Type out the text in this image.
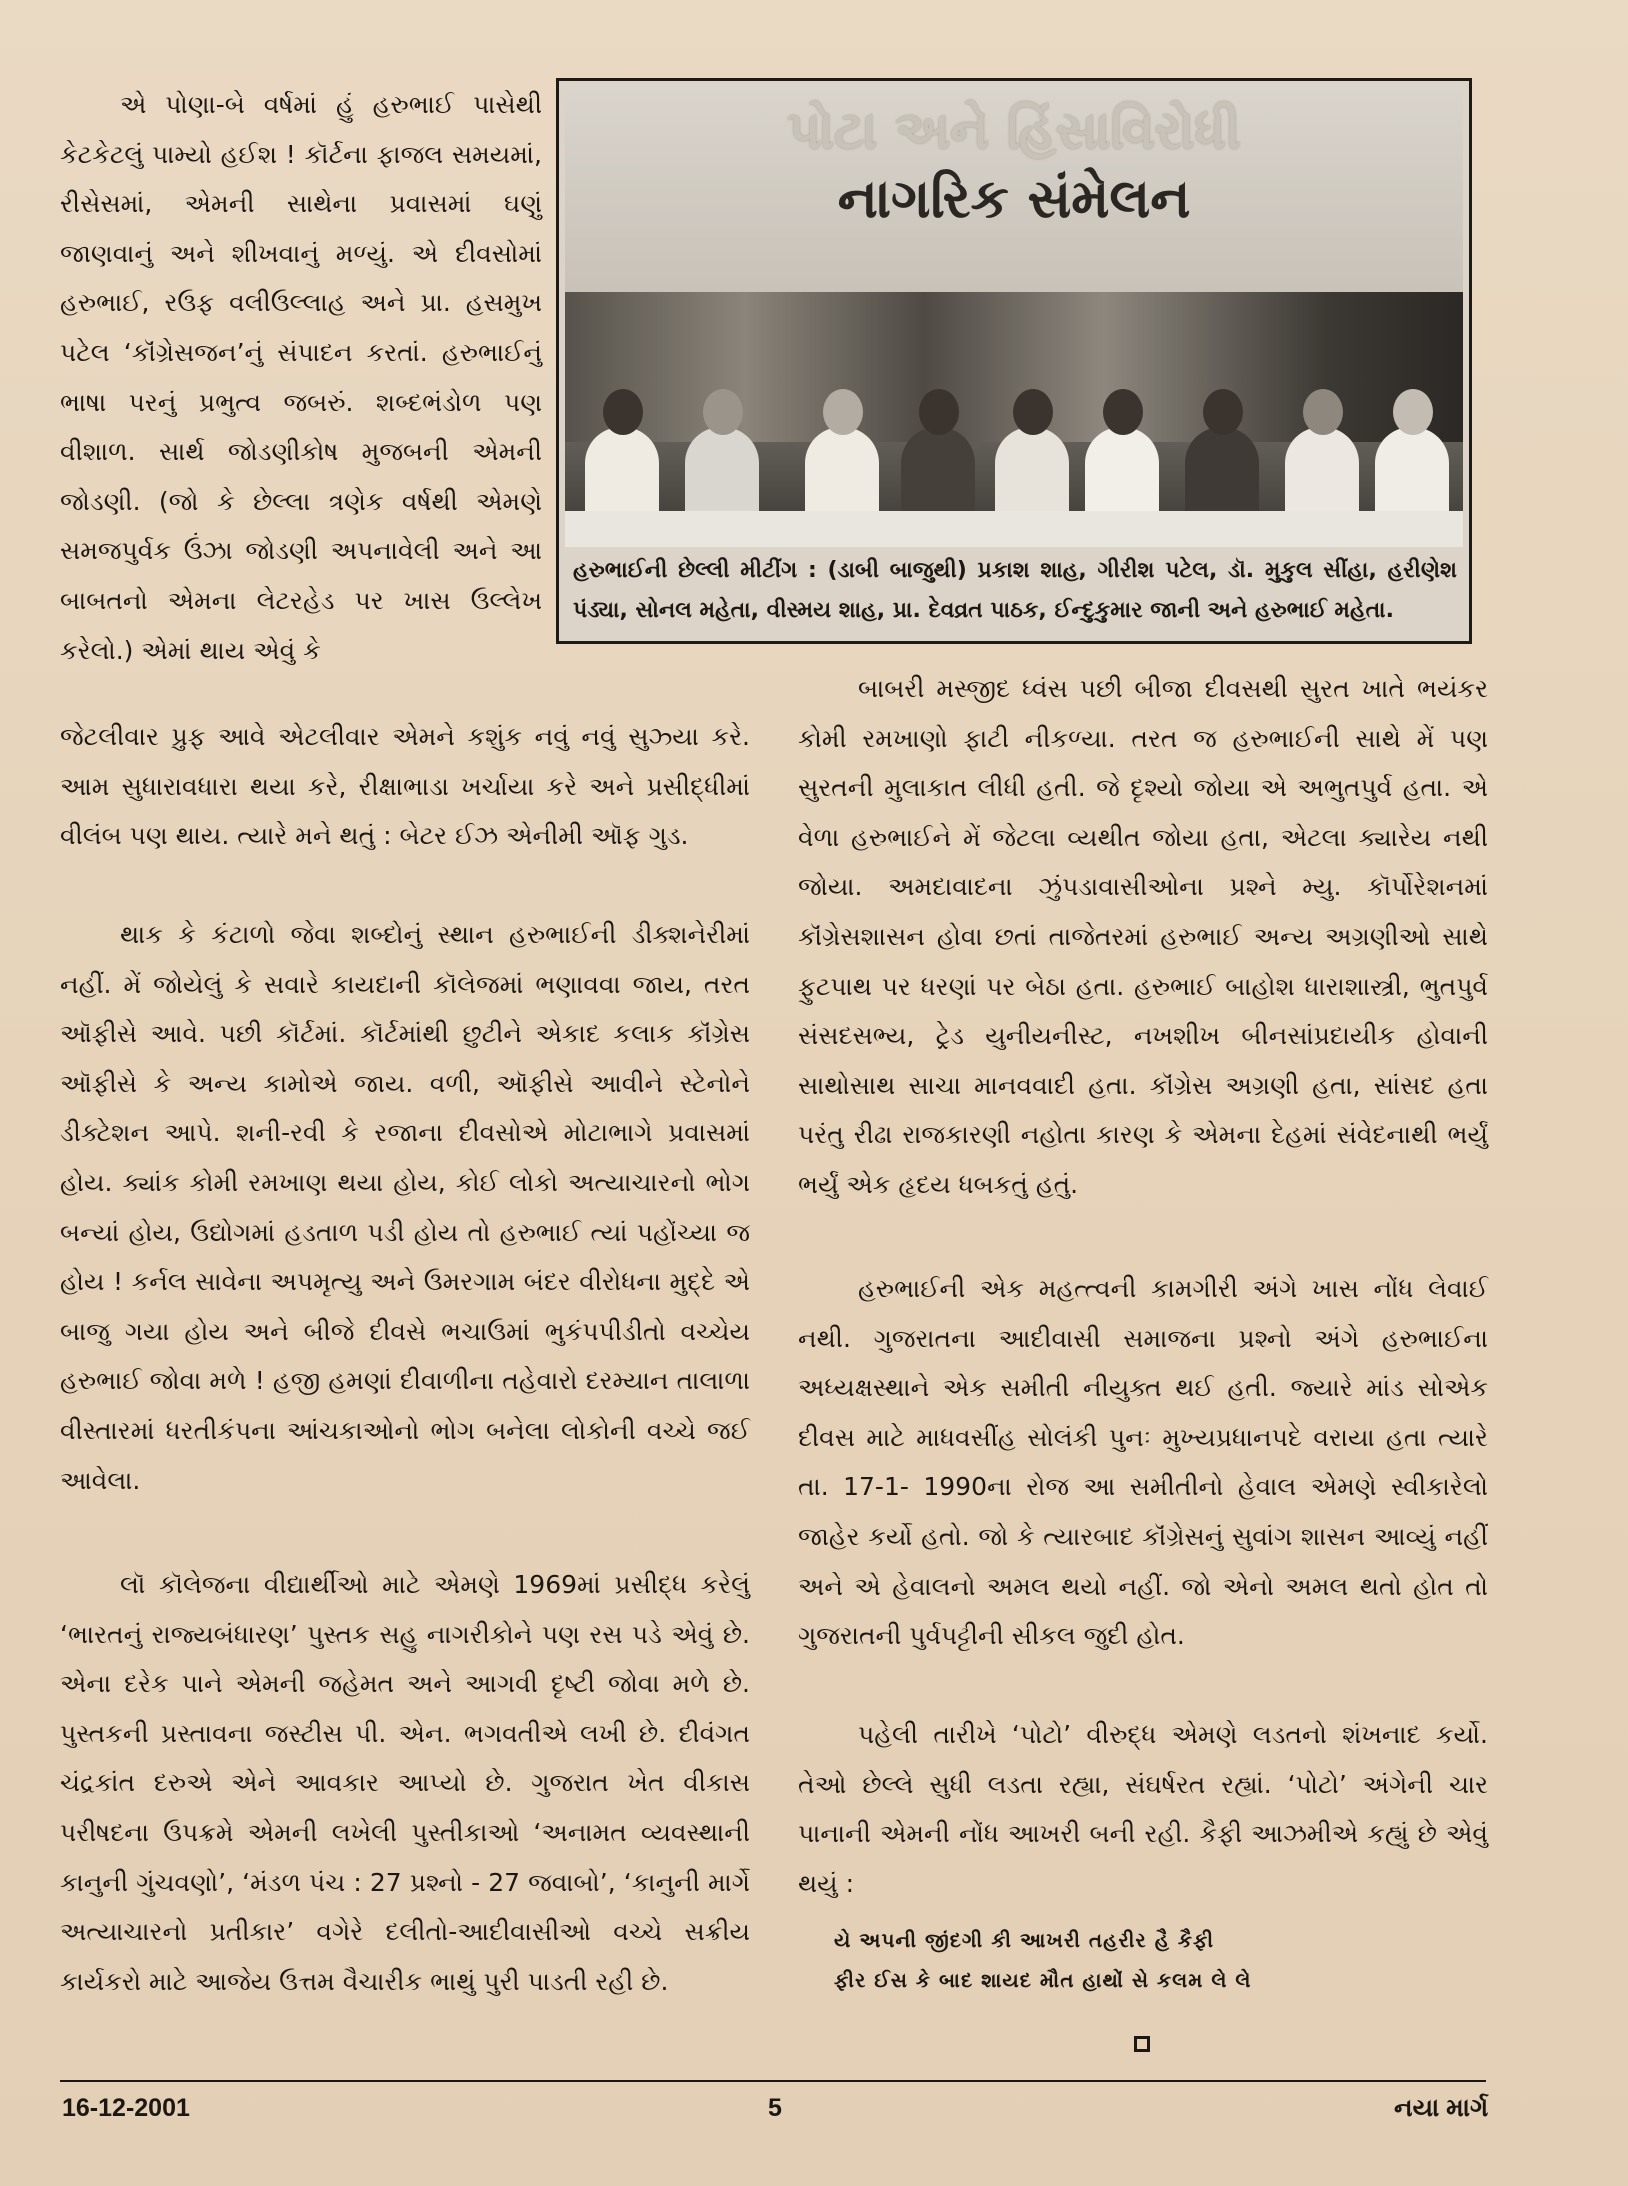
એ પોણા-બે વર્ષમાં હું હરુભાઈ પાસેથી કેટકેટલું પામ્યો હઈશ ! કૉર્ટના ફાજલ સમયમાં, રીસેસમાં, એમની સાથેના પ્રવાસમાં ઘણું જાણવાનું અને શીખવાનું મળ્યું. એ દીવસોમાં હરુભાઈ, રઉફ વલીઉલ્લાહ અને પ્રા. હસમુખ પટેલ ‘કૉંગ્રેસજન’નું સંપાદન કરતાં. હરુભાઈનું ભાષા પરનું પ્રભુત્વ જબરું. શબ્દભંડોળ પણ વીશાળ. સાર્થ જોડણીકોષ મુજબની એમની જોડણી. (જો કે છેલ્લા ત્રણેક વર્ષથી એમણે સમજપુર્વક ઉંઝા જોડણી અપનાવેલી અને આ બાબતનો એમના લેટરહેડ પર ખાસ ઉલ્લેખ કરેલો.) એમાં થાય એવું કે

પોટા અને હિંસાવિરોધી
નાગરિક સંમેલન
હરુભાઈની છેલ્લી મીટીંગ : (ડાબી બાજુથી) પ્રકાશ શાહ, ગીરીશ પટેલ, ડૉ. મુકુલ સીંહા, હરીણેશ પંડ્યા, સોનલ મહેતા, વીસ્મય શાહ, પ્રા. દેવવ્રત પાઠક, ઈન્દુકુમાર જાની અને હરુભાઈ મહેતા.

જેટલીવાર પ્રુફ આવે એટલીવાર એમને કશુંક નવું નવું સુઝ્યા કરે. આમ સુધારાવધારા થયા કરે, રીક્ષાભાડા ખર્ચાયા કરે અને પ્રસીદ્ધીમાં વીલંબ પણ થાય. ત્યારે મને થતું : બેટર ઈઝ એનીમી ઑફ ગુડ.

થાક કે કંટાળો જેવા શબ્દોનું સ્થાન હરુભાઈની ડીક્શનેરીમાં નહીં. મેં જોયેલું કે સવારે કાયદાની કૉલેજમાં ભણાવવા જાય, તરત ઑફીસે આવે. પછી કૉર્ટમાં. કૉર્ટમાંથી છુટીને એકાદ કલાક કૉંગ્રેસ ઑફીસે કે અન્ય કામોએ જાય. વળી, ઑફીસે આવીને સ્ટેનોને ડીક્ટેશન આપે. શની-રવી કે રજાના દીવસોએ મોટાભાગે પ્રવાસમાં હોય. ક્યાંક કોમી રમખાણ થયા હોય, કોઈ લોકો અત્યાચારનો ભોગ બન્યાં હોય, ઉદ્યોગમાં હડતાળ પડી હોય તો હરુભાઈ ત્યાં પહોંચ્યા જ હોય ! કર્નલ સાવેના અપમૃત્યુ અને ઉમરગામ બંદર વીરોધના મુદ્દે એ બાજુ ગયા હોય અને બીજે દીવસે ભચાઉમાં ભુકંપપીડીતો વચ્ચેય હરુભાઈ જોવા મળે ! હજી હમણાં દીવાળીના તહેવારો દરમ્યાન તાલાળા વીસ્તારમાં ધરતીકંપના આંચકાઓનો ભોગ બનેલા લોકોની વચ્ચે જઈ આવેલા.

લૉ કૉલેજના વીદ્યાર્થીઓ માટે એમણે 1969માં પ્રસીદ્ધ કરેલું ‘ભારતનું રાજ્યબંધારણ’ પુસ્તક સહુ નાગરીકોને પણ રસ પડે એવું છે. એના દરેક પાને એમની જહેમત અને આગવી દૃષ્ટી જોવા મળે છે. પુસ્તકની પ્રસ્તાવના જસ્ટીસ પી. એન. ભગવતીએ લખી છે. દીવંગત ચંદ્રકાંત દરુએ એને આવકાર આપ્યો છે. ગુજરાત ખેત વીકાસ પરીષદના ઉપક્રમે એમની લખેલી પુસ્તીકાઓ ‘અનામત વ્યવસ્થાની કાનુની ગુંચવણો’, ‘મંડળ પંચ : 27 પ્રશ્નો - 27 જવાબો’, ‘કાનુની માર્ગે અત્યાચારનો પ્રતીકાર’ વગેરે દલીતો-આદીવાસીઓ વચ્ચે સક્રીય કાર્યકરો માટે આજેય ઉત્તમ વૈચારીક ભાથું પુરી પાડતી રહી છે.

બાબરી મસ્જીદ ધ્વંસ પછી બીજા દીવસથી સુરત ખાતે ભયંકર કોમી રમખાણો ફાટી નીકળ્યા. તરત જ હરુભાઈની સાથે મેં પણ સુરતની મુલાકાત લીધી હતી. જે દૃશ્યો જોયા એ અભુતપુર્વ હતા. એ વેળા હરુભાઈને મેં જેટલા વ્યથીત જોયા હતા, એટલા ક્યારેય નથી જોયા. અમદાવાદના ઝુંપડાવાસીઓના પ્રશ્ને મ્યુ. કૉર્પોરેશનમાં કૉંગ્રેસશાસન હોવા છતાં તાજેતરમાં હરુભાઈ અન્ય અગ્રણીઓ સાથે ફુટપાથ પર ધરણાં પર બેઠા હતા. હરુભાઈ બાહોશ ધારાશાસ્ત્રી, ભુતપુર્વ સંસદસભ્ય, ટ્રેડ યુનીયનીસ્ટ, નખશીખ બીનસાંપ્રદાયીક હોવાની સાથોસાથ સાચા માનવવાદી હતા. કૉંગ્રેસ અગ્રણી હતા, સાંસદ હતા પરંતુ રીઢા રાજકારણી નહોતા કારણ કે એમના દેહમાં સંવેદનાથી ભર્યું ભર્યું એક હૃદય ધબકતું હતું.

હરુભાઈની એક મહત્ત્વની કામગીરી અંગે ખાસ નોંધ લેવાઈ નથી. ગુજરાતના આદીવાસી સમાજના પ્રશ્નો અંગે હરુભાઈના અધ્યક્ષસ્થાને એક સમીતી નીયુક્ત થઈ હતી. જ્યારે માંડ સોએક દીવસ માટે માધવસીંહ સોલંકી પુનઃ મુખ્યપ્રધાનપદે વરાયા હતા ત્યારે તા. 17-1- 1990ના રોજ આ સમીતીનો હેવાલ એમણે સ્વીકારેલો જાહેર કર્યો હતો. જો કે ત્યારબાદ કૉંગ્રેસનું સુવાંગ શાસન આવ્યું નહીં અને એ હેવાલનો અમલ થયો નહીં. જો એનો અમલ થતો હોત તો ગુજરાતની પુર્વપટ્ટીની સીકલ જુદી હોત.

પહેલી તારીખે ‘પોટો’ વીરુદ્ધ એમણે લડતનો શંખનાદ કર્યો. તેઓ છેલ્લે સુધી લડતા રહ્યા, સંઘર્ષરત રહ્યાં. ‘પોટો’ અંગેની ચાર પાનાની એમની નોંધ આખરી બની રહી. કૈફી આઝમીએ કહ્યું છે એવું થયું :

યે અપની જીંદગી કી આખરી તહરીર હૈ કૈફી
ફીર ઈસ કે બાદ શાયદ મૌત હાથોં સે કલમ લે લે
16-12-2001	5	નયા માર્ગ
